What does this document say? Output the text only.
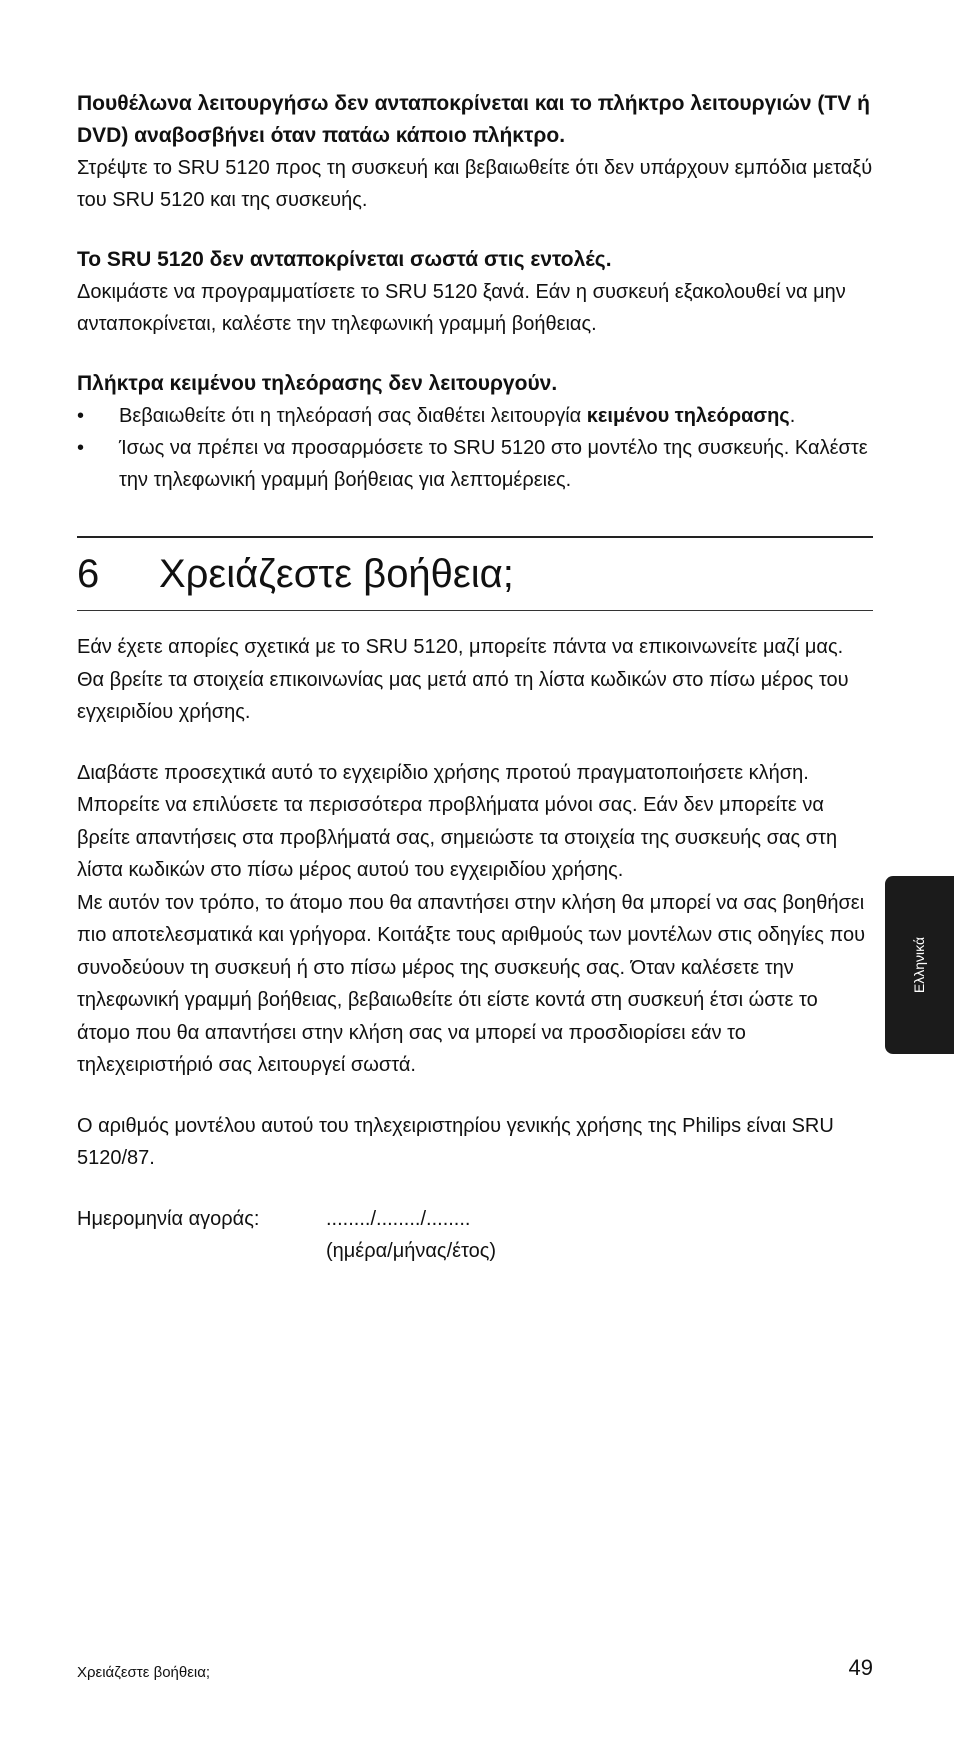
Πουθέλωνα λειτουργήσω δεν ανταποκρίνεται και το πλήκτρο λειτουργιών (TV ή DVD) αναβοσβήνει όταν πατάω κάποιο πλήκτρο.

Στρέψτε το SRU 5120 προς τη συσκευή και βεβαιωθείτε ότι δεν υπάρχουν εμπόδια μεταξύ του SRU 5120 και της συσκευής.

Το SRU 5120 δεν ανταποκρίνεται σωστά στις εντολές.

Δοκιμάστε να προγραμματίσετε το SRU 5120 ξανά. Εάν η συσκευή εξακολουθεί να μην ανταποκρίνεται, καλέστε την τηλεφωνική γραμμή βοήθειας.

Πλήκτρα κειμένου τηλεόρασης δεν λειτουργούν.

• Βεβαιωθείτε ότι η τηλεόρασή σας διαθέτει λειτουργία κειμένου τηλεόρασης.
• Ίσως να πρέπει να προσαρμόσετε το SRU 5120 στο μοντέλο της συσκευής. Καλέστε την τηλεφωνική γραμμή βοήθειας για λεπτομέρειες.
6	Χρειάζεστε βοήθεια;

Εάν έχετε απορίες σχετικά με το SRU 5120, μπορείτε πάντα να επικοινωνείτε μαζί μας. Θα βρείτε τα στοιχεία επικοινωνίας μας μετά από τη λίστα κωδικών στο πίσω μέρος του εγχειριδίου χρήσης.

Διαβάστε προσεχτικά αυτό το εγχειρίδιο χρήσης προτού πραγματοποιήσετε κλήση. Μπορείτε να επιλύσετε τα περισσότερα προβλήματα μόνοι σας. Εάν δεν μπορείτε να βρείτε απαντήσεις στα προβλήματά σας, σημειώστε τα στοιχεία της συσκευής σας στη λίστα κωδικών στο πίσω μέρος αυτού του εγχειριδίου χρήσης.

Με αυτόν τον τρόπο, το άτομο που θα απαντήσει στην κλήση θα μπορεί να σας βοηθήσει πιο αποτελεσματικά και γρήγορα. Κοιτάξτε τους αριθμούς των μοντέλων στις οδηγίες που συνοδεύουν τη συσκευή ή στο πίσω μέρος της συσκευής σας. Όταν καλέσετε την τηλεφωνική γραμμή βοήθειας, βεβαιωθείτε ότι είστε κοντά στη συσκευή έτσι ώστε το άτομο που θα απαντήσει στην κλήση σας να μπορεί να προσδιορίσει εάν το τηλεχειριστήριό σας λειτουργεί σωστά.

Ο αριθμός μοντέλου αυτού του τηλεχειριστηρίου γενικής χρήσης της Philips είναι SRU 5120/87.

Ημερομηνία αγοράς:	......../......../........
(ημέρα/μήνας/έτος)
Ελληνικά
Χρειάζεστε βοήθεια;	49
